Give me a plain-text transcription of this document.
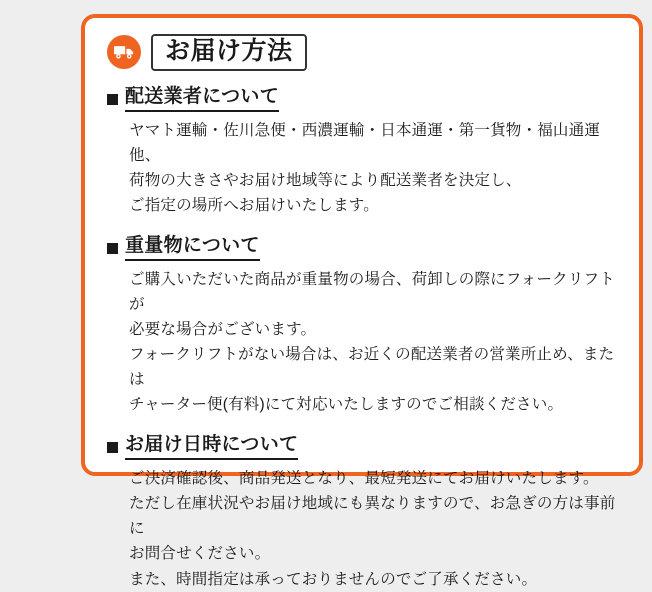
お届け方法
配送業者について

ヤマト運輸・佐川急便・西濃運輸・日本通運・第一貨物・福山通運他、

荷物の大きさやお届け地域等により配送業者を決定し、

ご指定の場所へお届けいたします。

重量物について

ご購入いただいた商品が重量物の場合、荷卸しの際にフォークリフトが

必要な場合がございます。

フォークリフトがない場合は、お近くの配送業者の営業所止め、または

チャーター便(有料)にて対応いたしますのでご相談ください。

お届け日時について

ご決済確認後、商品発送となり、最短発送にてお届けいたします。

ただし在庫状況やお届け地域にも異なりますので、お急ぎの方は事前に

お問合せください。

また、時間指定は承っておりませんのでご了承ください。
